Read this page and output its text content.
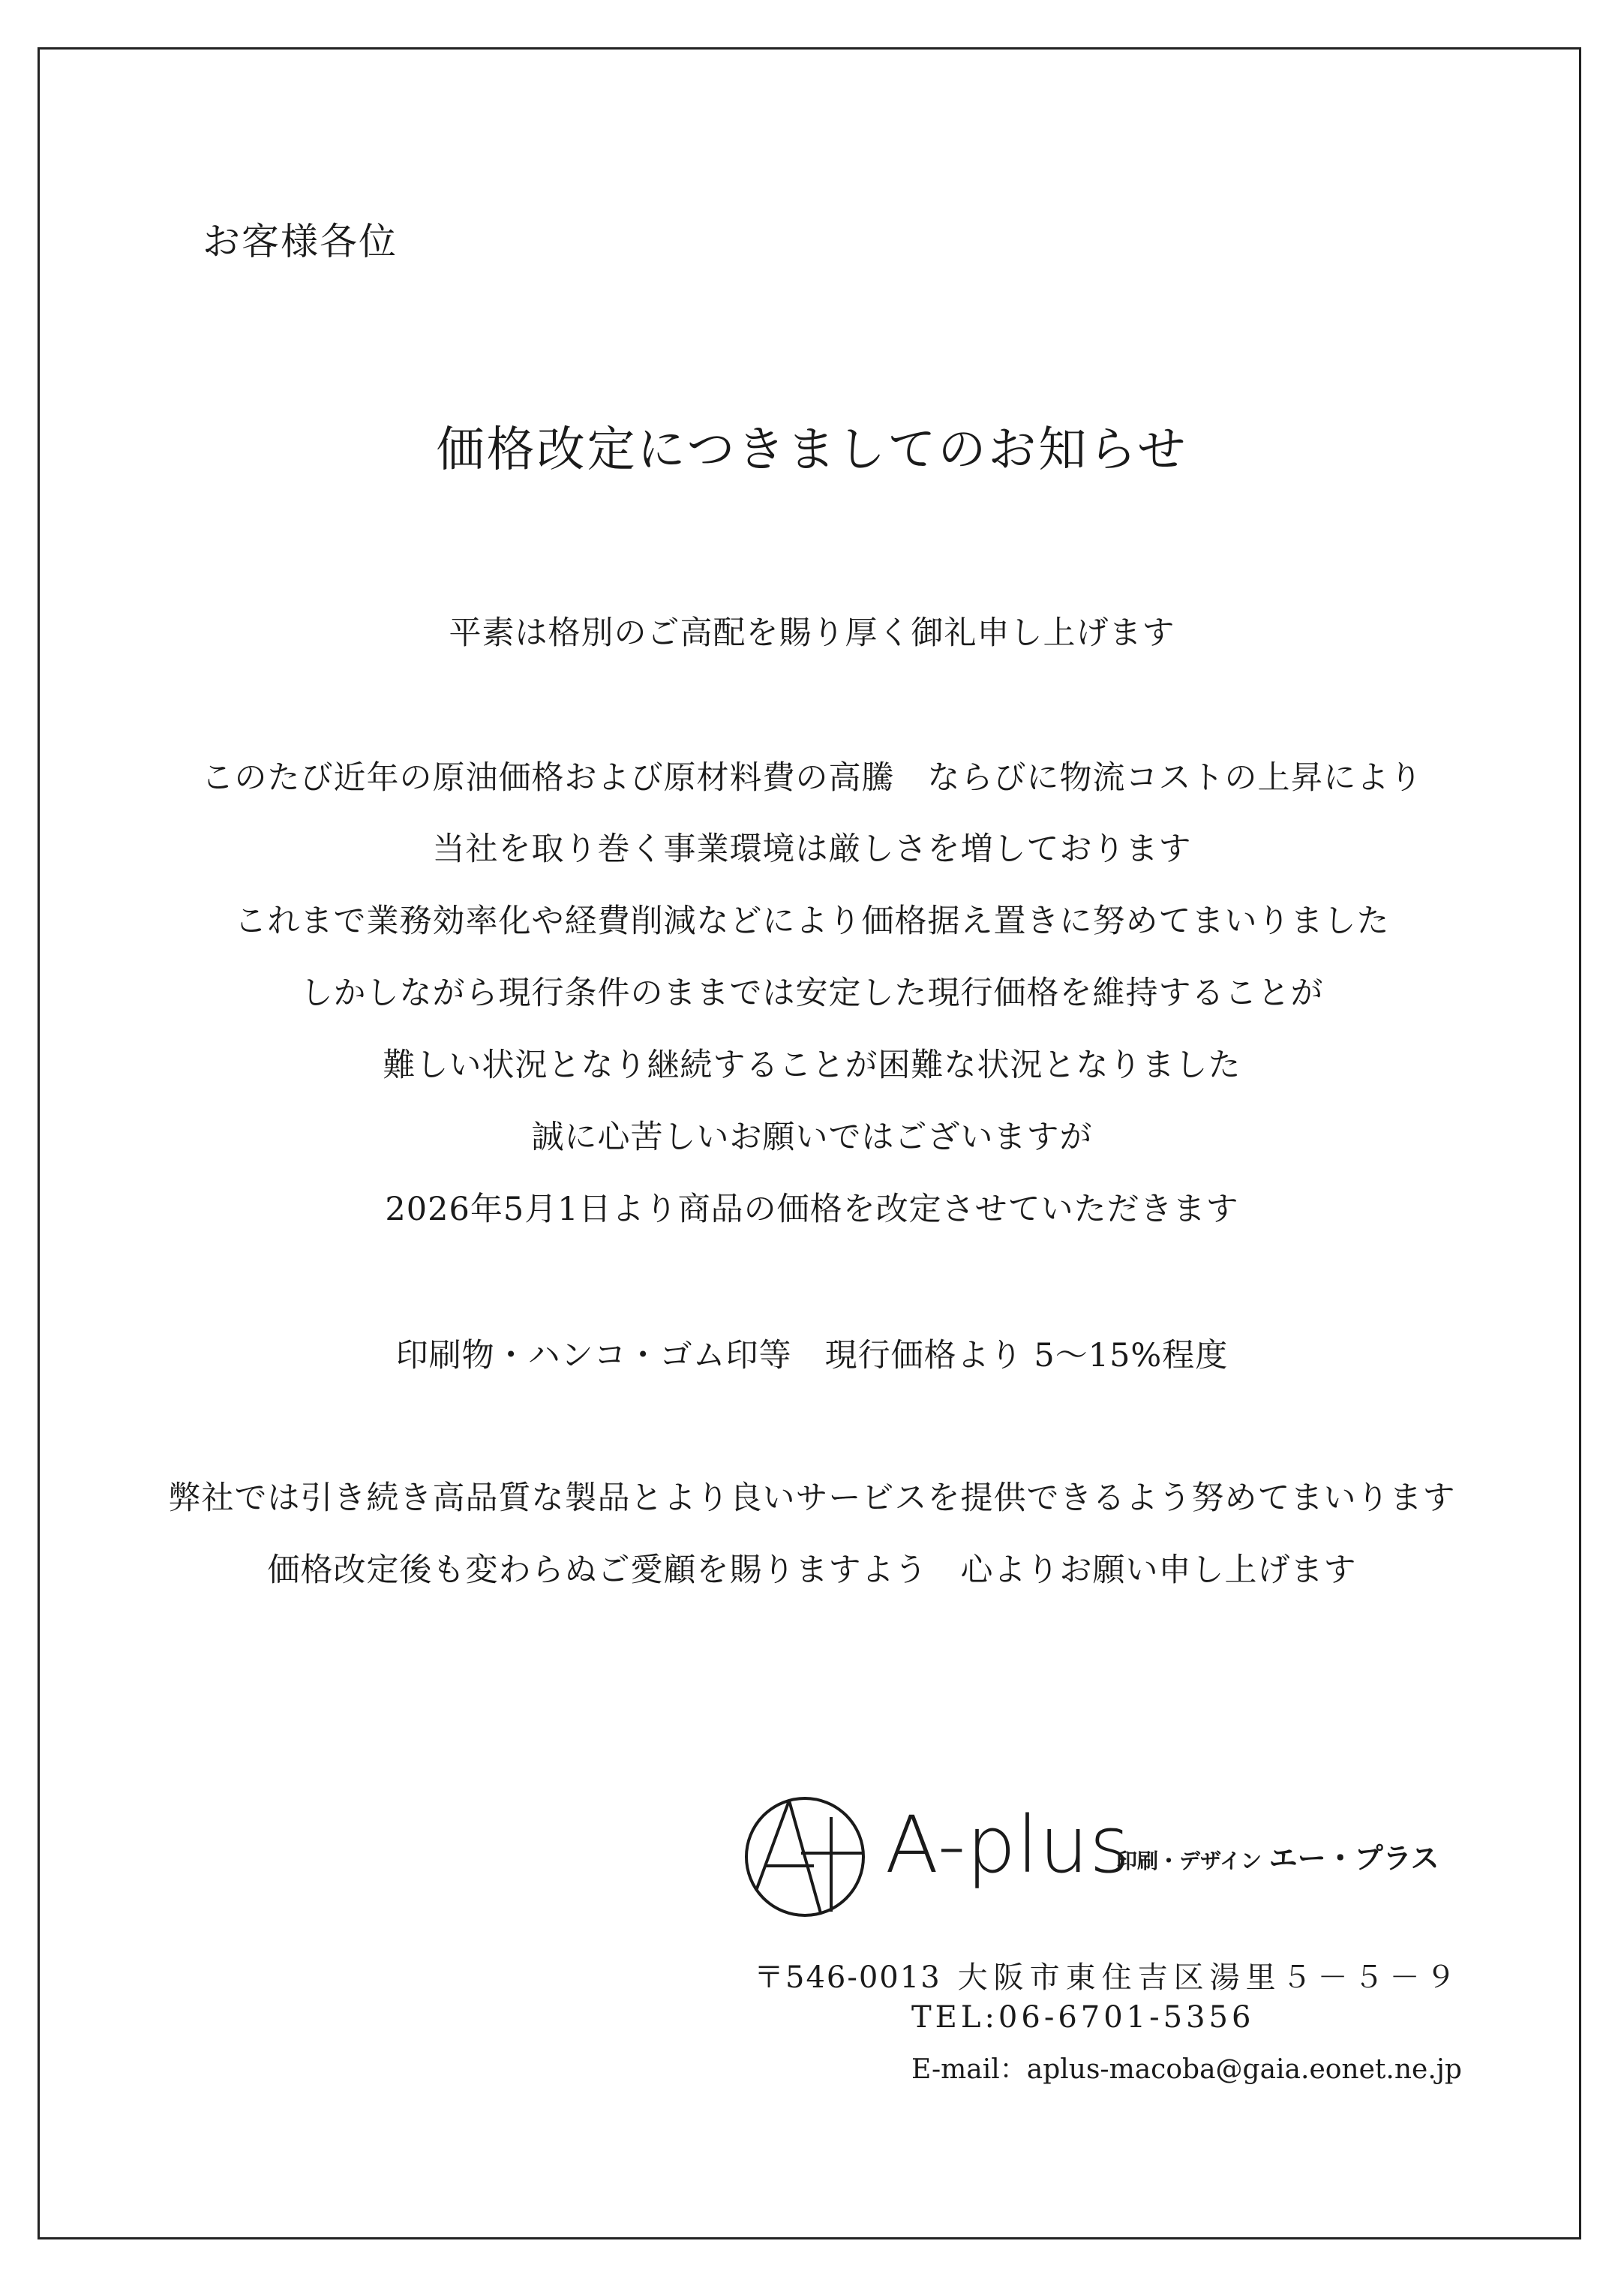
お客様各位
価格改定につきましてのお知らせ
平素は格別のご高配を賜り厚く御礼申し上げます
このたび近年の原油価格および原材料費の高騰　ならびに物流コストの上昇により
当社を取り巻く事業環境は厳しさを増しております
これまで業務効率化や経費削減などにより価格据え置きに努めてまいりました
しかしながら現行条件のままでは安定した現行価格を維持することが
難しい状況となり継続することが困難な状況となりました
誠に心苦しいお願いではございますが
2026年5月1日より商品の価格を改定させていただきます
印刷物・ハンコ・ゴム印等　現行価格より 5〜15%程度
弊社では引き続き高品質な製品とより良いサービスを提供できるよう努めてまいります
価格改定後も変わらぬご愛顧を賜りますよう　心よりお願い申し上げます
A-plus
印刷・デザイン エー・プラス
〒546-0013 大阪市東住吉区湯里５－５－９
TEL:06-6701-5356
E-mail：aplus-macoba@gaia.eonet.ne.jp
